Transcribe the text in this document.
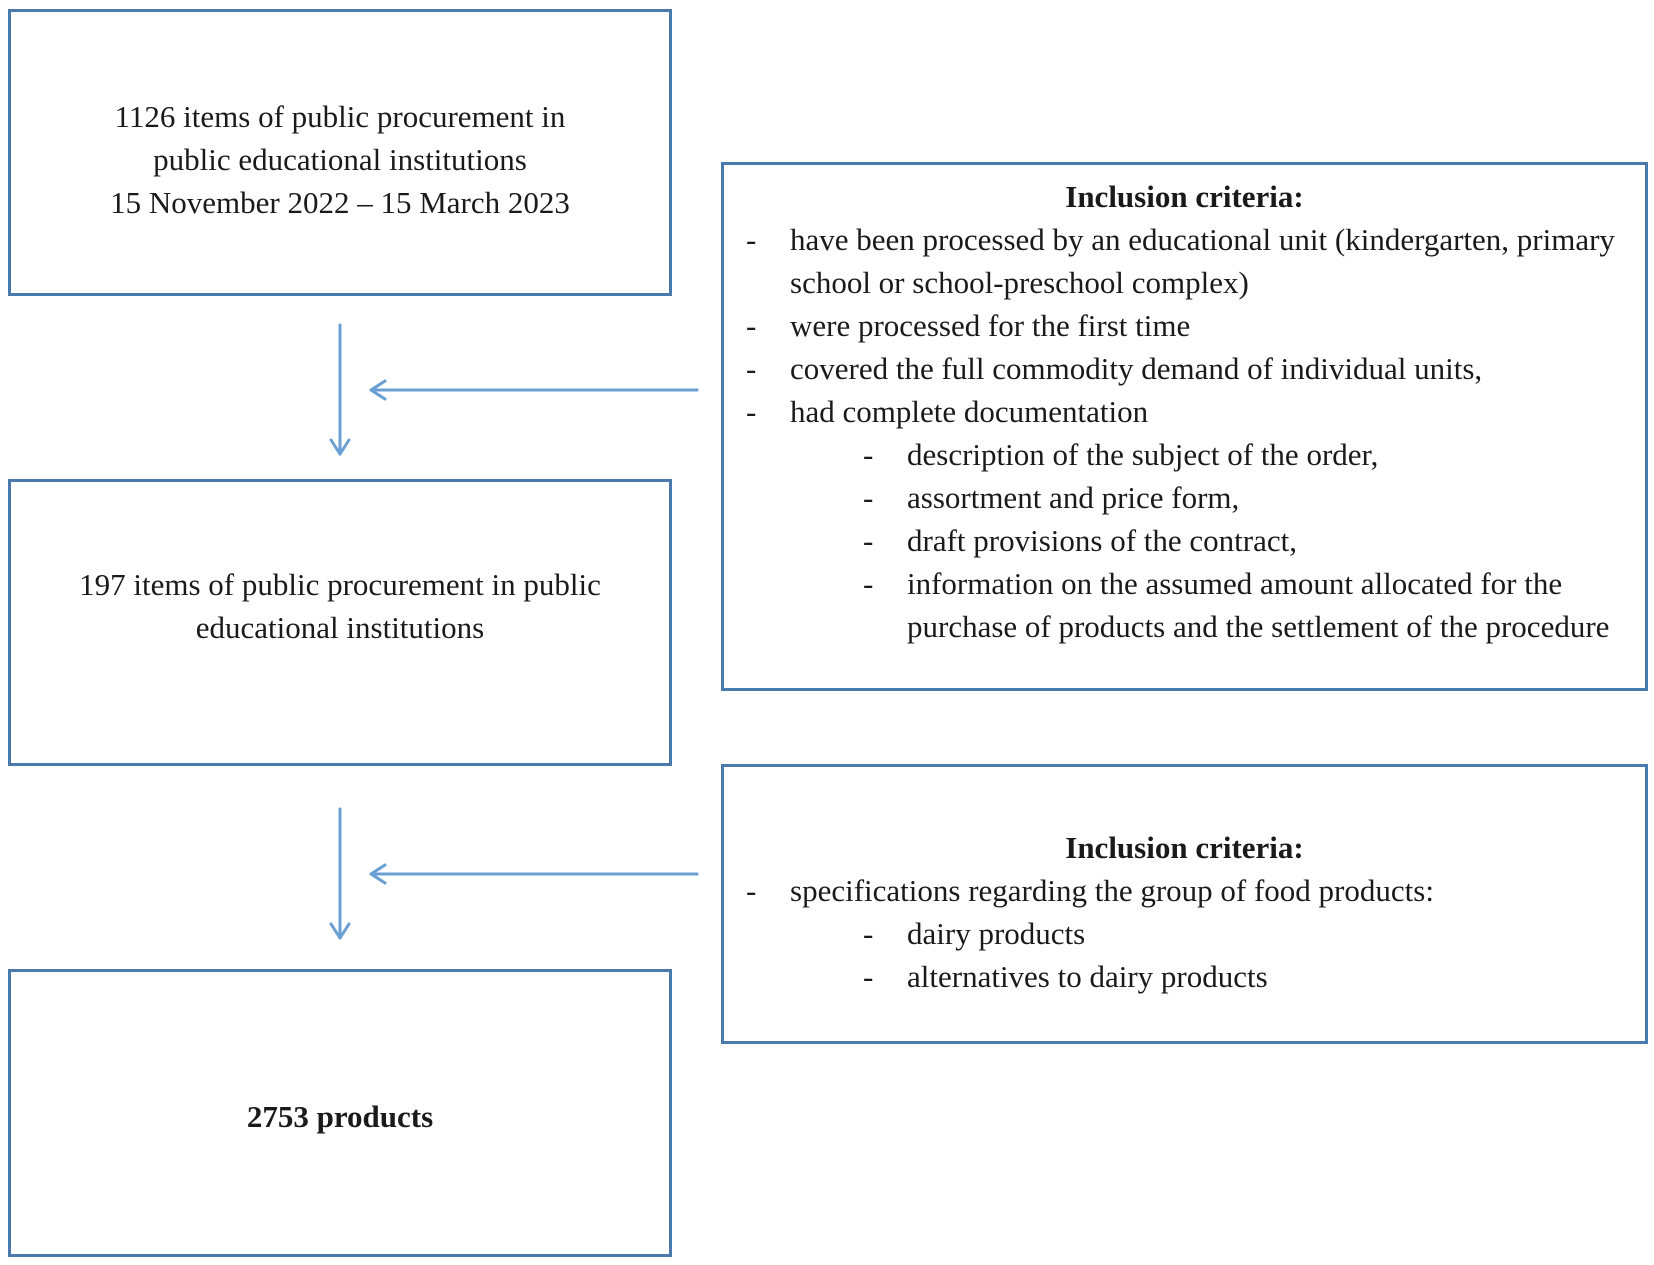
1126 items of public procurement in
public educational institutions
15 November 2022 – 15 March 2023
197 items of public procurement in public
educational institutions
2753 products
Inclusion criteria:
- have been processed by an educational unit (kindergarten, primary school or school-preschool complex)
- were processed for the first time
- covered the full commodity demand of individual units,
- had complete documentation
- description of the subject of the order,
- assortment and price form,
- draft provisions of the contract,
- information on the assumed amount allocated for the purchase of products and the settlement of the procedure
Inclusion criteria:
- specifications regarding the group of food products:
- dairy products
- alternatives to dairy products
